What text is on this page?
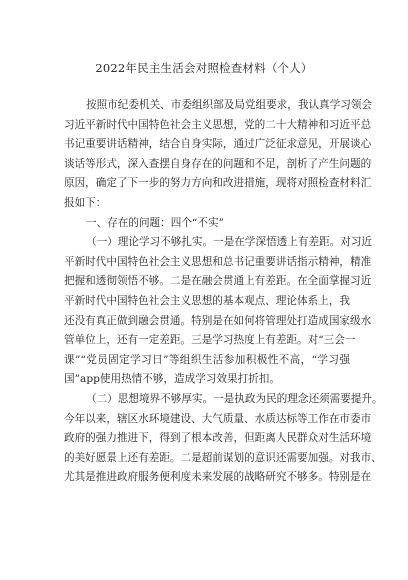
2022年民主生活会对照检查材料（个人）
按照市纪委机关、市委组织部及局党组要求，我认真学习领会
习近平新时代中国特色社会主义思想，党的二十大精神和习近平总
书记重要讲话精神，结合自身实际，通过广泛征求意见，开展谈心
谈话等形式，深入查摆自身存在的问题和不足，剖析了产生问题的
原因，确定了下一步的努力方向和改进措施，现将对照检查材料汇
报如下：
一、存在的问题：四个“不实”
（一）理论学习不够扎实。一是在学深悟透上有差距。对习近
平新时代中国特色社会主义思想和总书记重要讲话指示精神，精准
把握和透彻领悟不够。二是在融会贯通上有差距。在全面掌握习近
平新时代中国特色社会主义思想的基本观点、理论体系上，我
还没有真正做到融会贯通。特别是在如何将管理处打造成国家级水
管单位上，还有一定差距。三是学习热度上有差距。对“三会一
课”“党员固定学习日”等组织生活参加积极性不高，“学习强
国”app使用热情不够，造成学习效果打折扣。
（二）思想境界不够厚实。一是执政为民的理念还须需要提升。
今年以来，辖区水环境建设、大气质量、水质达标等工作在市委市
政府的强力推进下，得到了根本改善，但距离人民群众对生活环境
的美好愿景上还有差距。二是超前谋划的意识还需要加强。对我市、
尤其是推进政府服务便利度未来发展的战略研究不够多。特别是在
